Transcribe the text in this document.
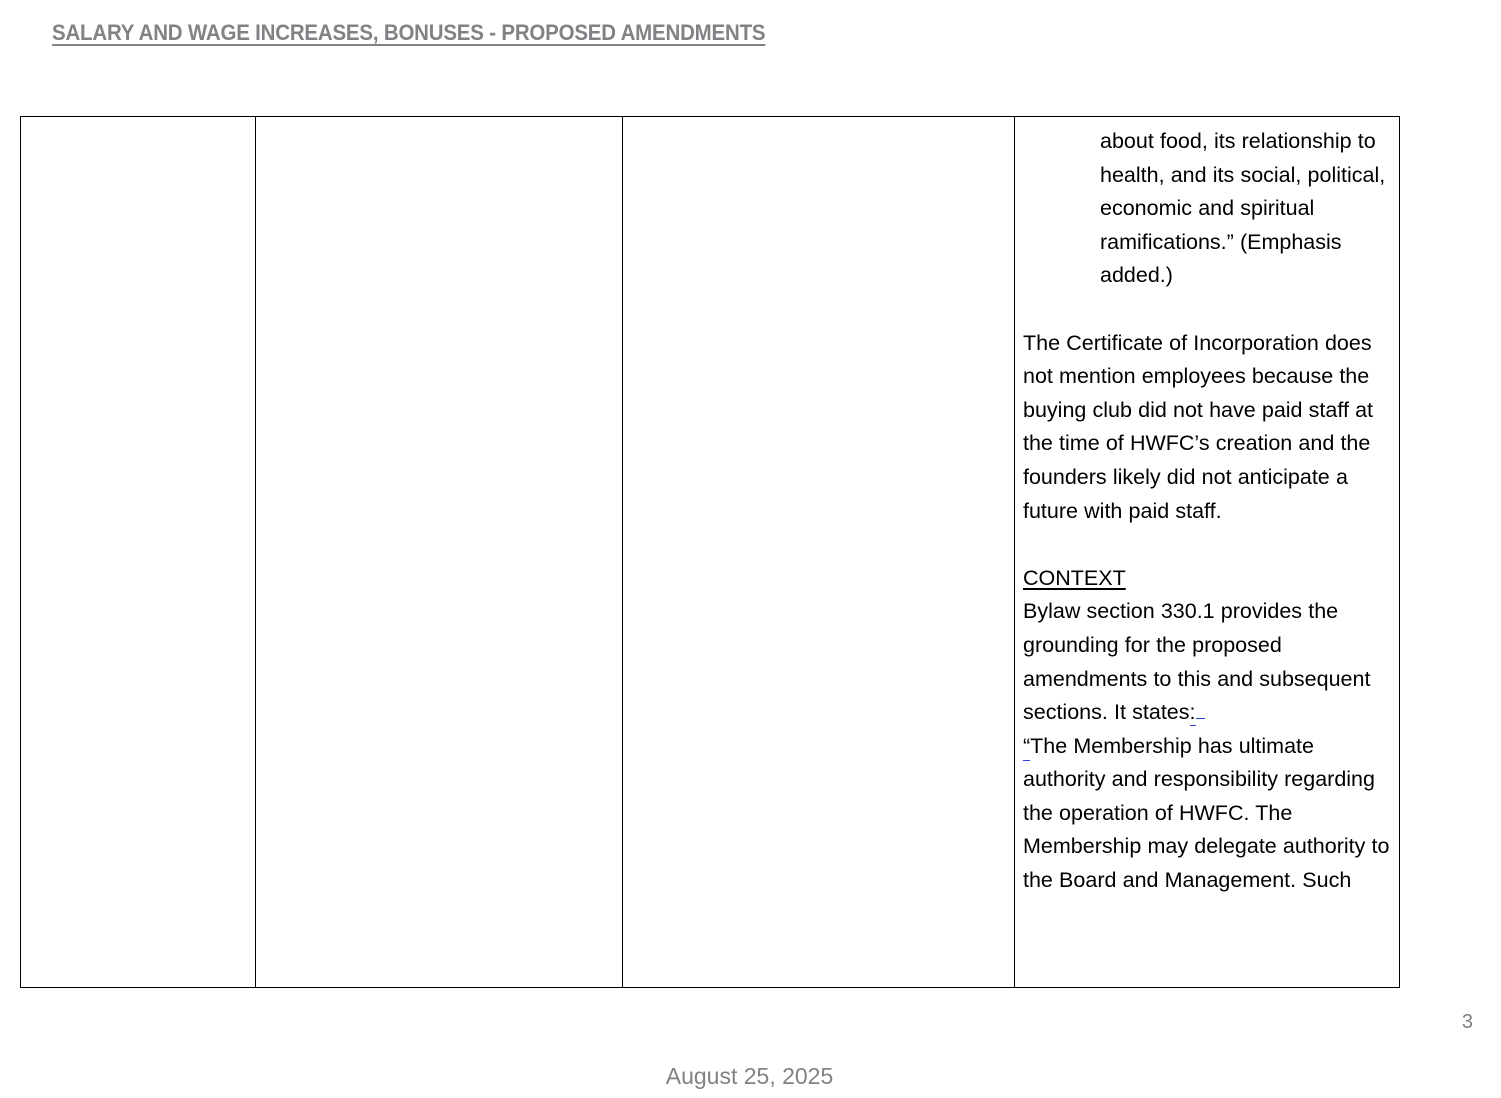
SALARY AND WAGE INCREASES, BONUSES - PROPOSED AMENDMENTS

about food, its relationship to health, and its social, political, economic and spiritual ramifications.” (Emphasis added.)

The Certificate of Incorporation does not mention employees because the buying club did not have paid staff at the time of HWFC’s creation and the founders likely did not anticipate a future with paid staff.

CONTEXT

Bylaw section 330.1 provides the grounding for the proposed amendments to this and subsequent sections. It states:
“The Membership has ultimate authority and responsibility regarding the operation of HWFC. The Membership may delegate authority to the Board and Management. Such

3
August 25, 2025
